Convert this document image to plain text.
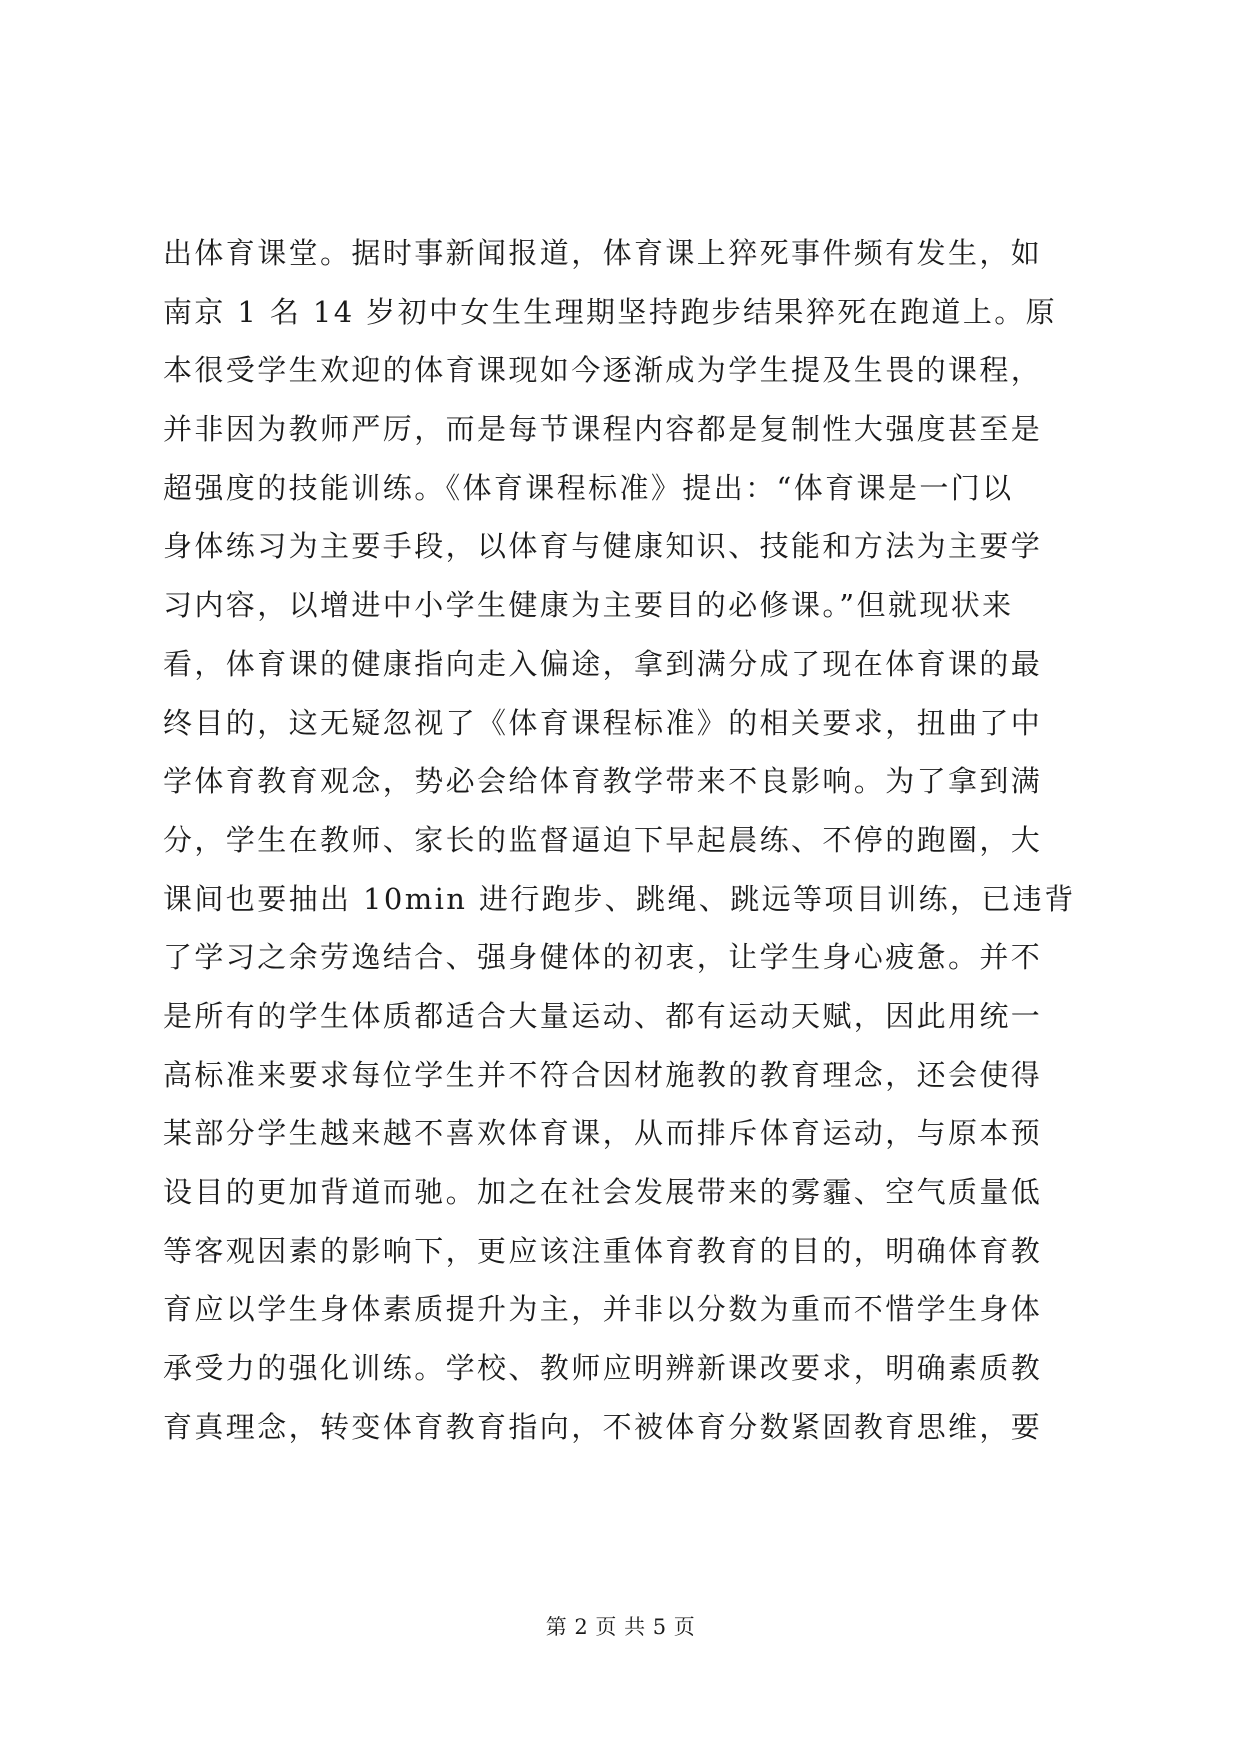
出体育课堂。据时事新闻报道，体育课上猝死事件频有发生，如
南京 1 名 14 岁初中女生生理期坚持跑步结果猝死在跑道上。原
本很受学生欢迎的体育课现如今逐渐成为学生提及生畏的课程，
并非因为教师严厉，而是每节课程内容都是复制性大强度甚至是
超强度的技能训练。《体育课程标准》提出：“体育课是一门以
身体练习为主要手段，以体育与健康知识、技能和方法为主要学
习内容，以增进中小学生健康为主要目的必修课。”但就现状来
看，体育课的健康指向走入偏途，拿到满分成了现在体育课的最
终目的，这无疑忽视了《体育课程标准》的相关要求，扭曲了中
学体育教育观念，势必会给体育教学带来不良影响。为了拿到满
分，学生在教师、家长的监督逼迫下早起晨练、不停的跑圈，大
课间也要抽出 10min 进行跑步、跳绳、跳远等项目训练，已违背
了学习之余劳逸结合、强身健体的初衷，让学生身心疲惫。并不
是所有的学生体质都适合大量运动、都有运动天赋，因此用统一
高标准来要求每位学生并不符合因材施教的教育理念，还会使得
某部分学生越来越不喜欢体育课，从而排斥体育运动，与原本预
设目的更加背道而驰。加之在社会发展带来的雾霾、空气质量低
等客观因素的影响下，更应该注重体育教育的目的，明确体育教
育应以学生身体素质提升为主，并非以分数为重而不惜学生身体
承受力的强化训练。学校、教师应明辨新课改要求，明确素质教
育真理念，转变体育教育指向，不被体育分数紧固教育思维，要
第 2 页 共 5 页
